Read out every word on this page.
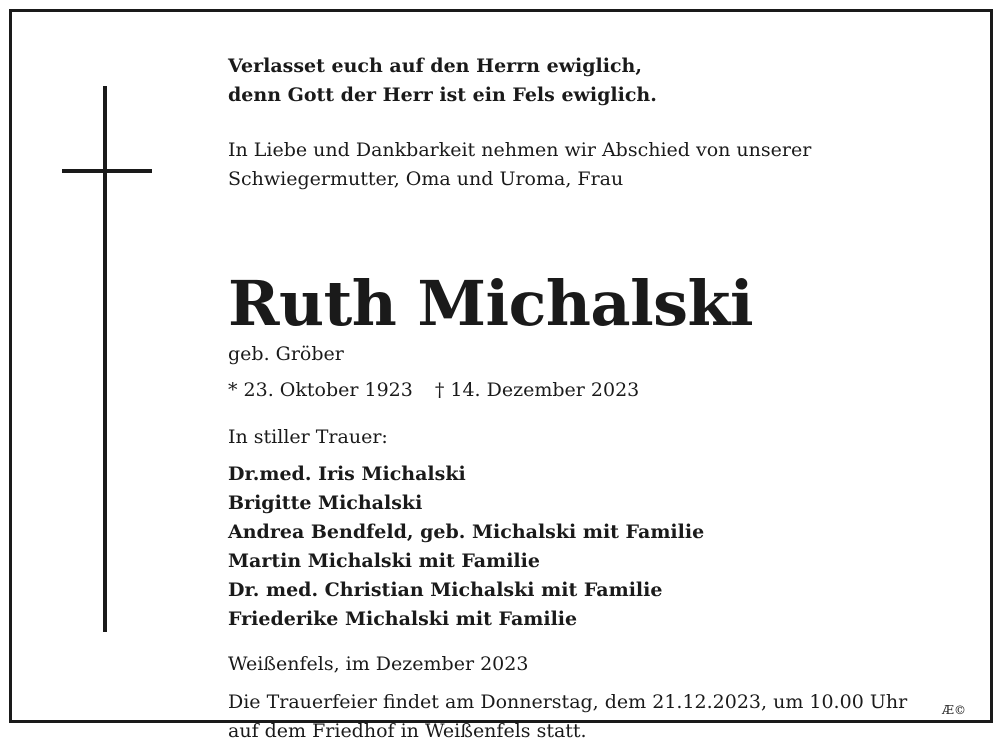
Verlasset euch auf den Herrn ewiglich,
denn Gott der Herr ist ein Fels ewiglich.
In Liebe und Dankbarkeit nehmen wir Abschied von unserer
Schwiegermutter, Oma und Uroma, Frau
Ruth Michalski
geb. Gröber
* 23. Oktober 1923 † 14. Dezember 2023
In stiller Trauer:
Dr.med. Iris Michalski
Brigitte Michalski
Andrea Bendfeld, geb. Michalski mit Familie
Martin Michalski mit Familie
Dr. med. Christian Michalski mit Familie
Friederike Michalski mit Familie
Weißenfels, im Dezember 2023
Die Trauerfeier findet am Donnerstag, dem 21.12.2023, um 10.00 Uhr
auf dem Friedhof in Weißenfels statt.
Æ©
